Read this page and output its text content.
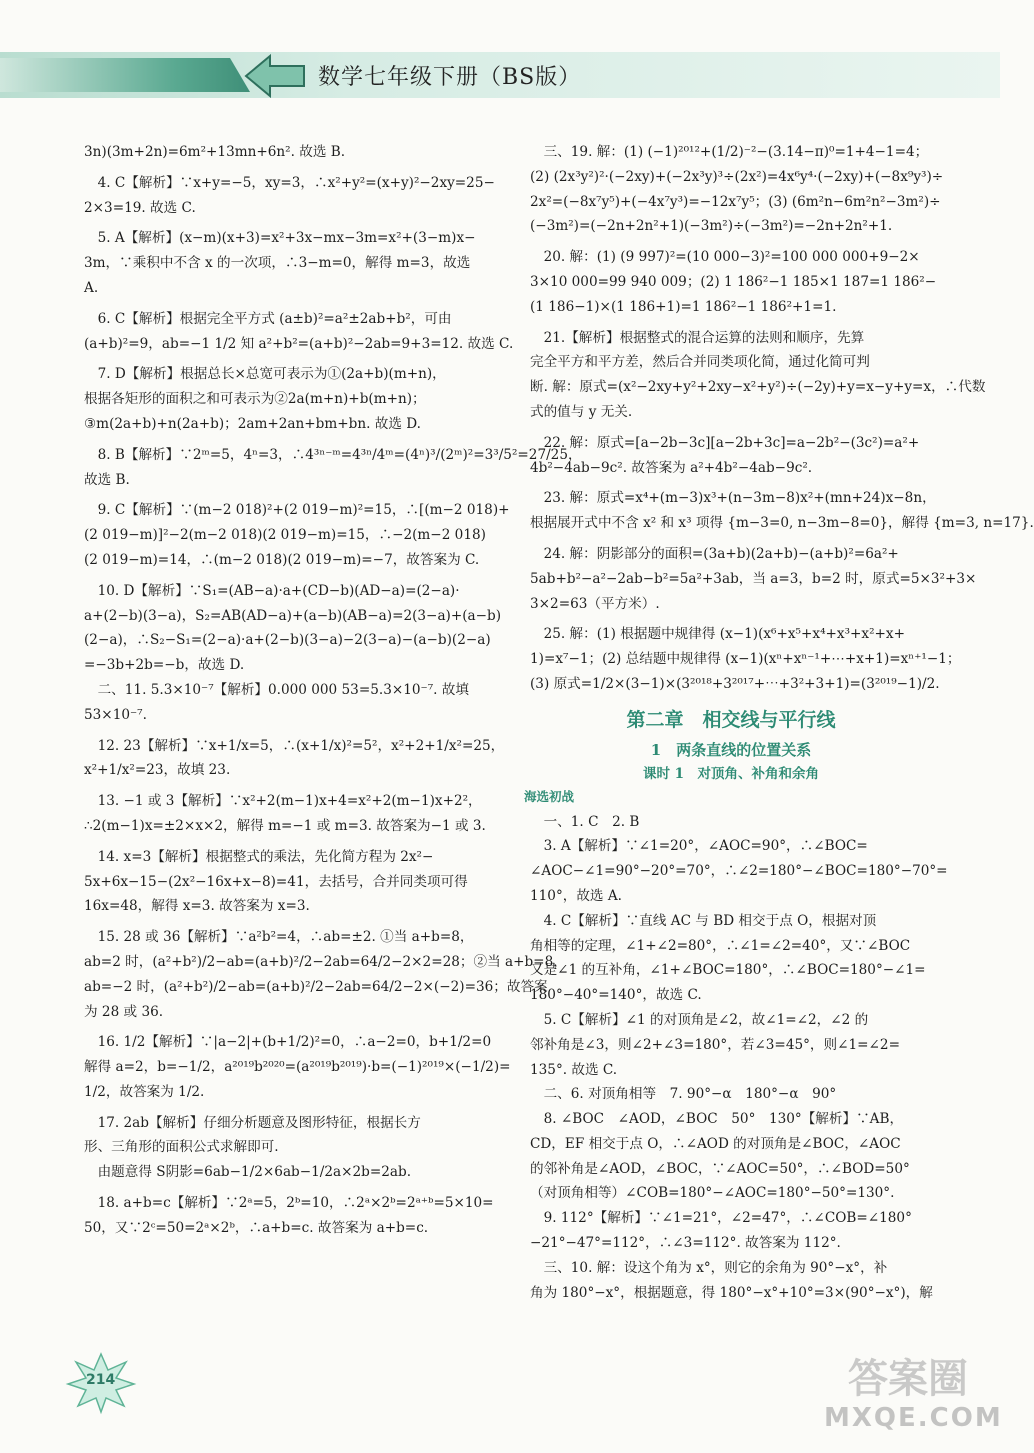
数学七年级下册（BS版）
3n)(3m+2n)=6m²+13mn+6n². 故选 B.
　4. C【解析】∵x+y=−5，xy=3，∴x²+y²=(x+y)²−2xy=25−
2×3=19. 故选 C.
　5. A【解析】(x−m)(x+3)=x²+3x−mx−3m=x²+(3−m)x−
3m，∵乘积中不含 x 的一次项，∴3−m=0，解得 m=3，故选
A.
　6. C【解析】根据完全平方式 (a±b)²=a²±2ab+b²，可由
(a+b)²=9，ab=−1 1/2 知 a²+b²=(a+b)²−2ab=9+3=12. 故选 C.
　7. D【解析】根据总长×总宽可表示为①(2a+b)(m+n)，
根据各矩形的面积之和可表示为②2a(m+n)+b(m+n)；
③m(2a+b)+n(2a+b)；2am+2an+bm+bn. 故选 D.
　8. B【解析】∵2ᵐ=5，4ⁿ=3，∴4³ⁿ⁻ᵐ=4³ⁿ/4ᵐ=(4ⁿ)³/(2ᵐ)²=3³/5²=27/25，
故选 B.
　9. C【解析】∵(m−2 018)²+(2 019−m)²=15，∴[(m−2 018)+
(2 019−m)]²−2(m−2 018)(2 019−m)=15，∴−2(m−2 018)
(2 019−m)=14，∴(m−2 018)(2 019−m)=−7，故答案为 C.
　10. D【解析】∵S₁=(AB−a)·a+(CD−b)(AD−a)=(2−a)·
a+(2−b)(3−a)，S₂=AB(AD−a)+(a−b)(AB−a)=2(3−a)+(a−b)
(2−a)，∴S₂−S₁=(2−a)·a+(2−b)(3−a)−2(3−a)−(a−b)(2−a)
=−3b+2b=−b，故选 D.
　二、11. 5.3×10⁻⁷【解析】0.000 000 53=5.3×10⁻⁷. 故填
53×10⁻⁷.
　12. 23【解析】∵x+1/x=5，∴(x+1/x)²=5²，x²+2+1/x²=25，
x²+1/x²=23，故填 23.
　13. −1 或 3【解析】∵x²+2(m−1)x+4=x²+2(m−1)x+2²，
∴2(m−1)x=±2×x×2，解得 m=−1 或 m=3. 故答案为−1 或 3.
　14. x=3【解析】根据整式的乘法，先化简方程为 2x²−
5x+6x−15−(2x²−16x+x−8)=41，去括号，合并同类项可得
16x=48，解得 x=3. 故答案为 x=3.
　15. 28 或 36【解析】∵a²b²=4，∴ab=±2. ①当 a+b=8，
ab=2 时，(a²+b²)/2−ab=(a+b)²/2−2ab=64/2−2×2=28；②当 a+b=8，
ab=−2 时，(a²+b²)/2−ab=(a+b)²/2−2ab=64/2−2×(−2)=36；故答案
为 28 或 36.
　16. 1/2【解析】∵|a−2|+(b+1/2)²=0，∴a−2=0，b+1/2=0
解得 a=2，b=−1/2，a²⁰¹⁹b²⁰²⁰=(a²⁰¹⁹b²⁰¹⁹)·b=(−1)²⁰¹⁹×(−1/2)=
1/2，故答案为 1/2.
　17. 2ab【解析】仔细分析题意及图形特征，根据长方
形、三角形的面积公式求解即可.
　由题意得 S阴影=6ab−1/2×6ab−1/2a×2b=2ab.
　18. a+b=c【解析】∵2ᵃ=5，2ᵇ=10，∴2ᵃ×2ᵇ=2ᵃ⁺ᵇ=5×10=
50，又∵2ᶜ=50=2ᵃ×2ᵇ，∴a+b=c. 故答案为 a+b=c.
　三、19. 解：(1) (−1)²⁰¹²+(1/2)⁻²−(3.14−π)⁰=1+4−1=4；
(2) (2x³y²)²·(−2xy)+(−2x³y)³÷(2x²)=4x⁶y⁴·(−2xy)+(−8x⁹y³)÷
2x²=(−8x⁷y⁵)+(−4x⁷y³)=−12x⁷y⁵；(3) (6m²n−6m²n²−3m²)÷
(−3m²)=(−2n+2n²+1)(−3m²)÷(−3m²)=−2n+2n²+1.
　20. 解：(1) (9 997)²=(10 000−3)²=100 000 000+9−2×
3×10 000=99 940 009；(2) 1 186²−1 185×1 187=1 186²−
(1 186−1)×(1 186+1)=1 186²−1 186²+1=1.
　21.【解析】根据整式的混合运算的法则和顺序，先算
完全平方和平方差，然后合并同类项化简，通过化简可判
断. 解：原式=(x²−2xy+y²+2xy−x²+y²)÷(−2y)+y=x−y+y=x，∴代数
式的值与 y 无关.
　22. 解：原式=[a−2b−3c][a−2b+3c]=a−2b²−(3c²)=a²+
4b²−4ab−9c². 故答案为 a²+4b²−4ab−9c².
　23. 解：原式=x⁴+(m−3)x³+(n−3m−8)x²+(mn+24)x−8n，
根据展开式中不含 x² 和 x³ 项得 {m−3=0, n−3m−8=0}，解得 {m=3, n=17}.
　24. 解：阴影部分的面积=(3a+b)(2a+b)−(a+b)²=6a²+
5ab+b²−a²−2ab−b²=5a²+3ab，当 a=3，b=2 时，原式=5×3²+3×
3×2=63（平方米）.
　25. 解：(1) 根据题中规律得 (x−1)(x⁶+x⁵+x⁴+x³+x²+x+
1)=x⁷−1；(2) 总结题中规律得 (x−1)(xⁿ+xⁿ⁻¹+⋯+x+1)=xⁿ⁺¹−1；
(3) 原式=1/2×(3−1)×(3²⁰¹⁸+3²⁰¹⁷+⋯+3²+3+1)=(3²⁰¹⁹−1)/2.
第二章　相交线与平行线
1　两条直线的位置关系
课时 1　对顶角、补角和余角
海选初战
　一、1. C　2. B
　3. A【解析】∵∠1=20°，∠AOC=90°，∴∠BOC=
∠AOC−∠1=90°−20°=70°，∴∠2=180°−∠BOC=180°−70°=
110°，故选 A.
　4. C【解析】∵直线 AC 与 BD 相交于点 O，根据对顶
角相等的定理，∠1+∠2=80°，∴∠1=∠2=40°，又∵∠BOC
又是∠1 的互补角，∠1+∠BOC=180°，∴∠BOC=180°−∠1=
180°−40°=140°，故选 C.
　5. C【解析】∠1 的对顶角是∠2，故∠1=∠2，∠2 的
邻补角是∠3，则∠2+∠3=180°，若∠3=45°，则∠1=∠2=
135°. 故选 C.
　二、6. 对顶角相等　7. 90°−α　180°−α　90°
　8. ∠BOC　∠AOD，∠BOC　50°　130°【解析】∵AB，
CD，EF 相交于点 O，∴∠AOD 的对顶角是∠BOC，∠AOC
的邻补角是∠AOD，∠BOC，∵∠AOC=50°，∴∠BOD=50°
（对顶角相等）∠COB=180°−∠AOC=180°−50°=130°.
　9. 112°【解析】∵∠1=21°，∠2=47°，∴∠COB=∠180°
−21°−47°=112°，∴∠3=112°. 故答案为 112°.
　三、10. 解：设这个角为 x°，则它的余角为 90°−x°，补
角为 180°−x°，根据题意，得 180°−x°+10°=3×(90°−x°)，解
214	答案圈
MXQE.COM
